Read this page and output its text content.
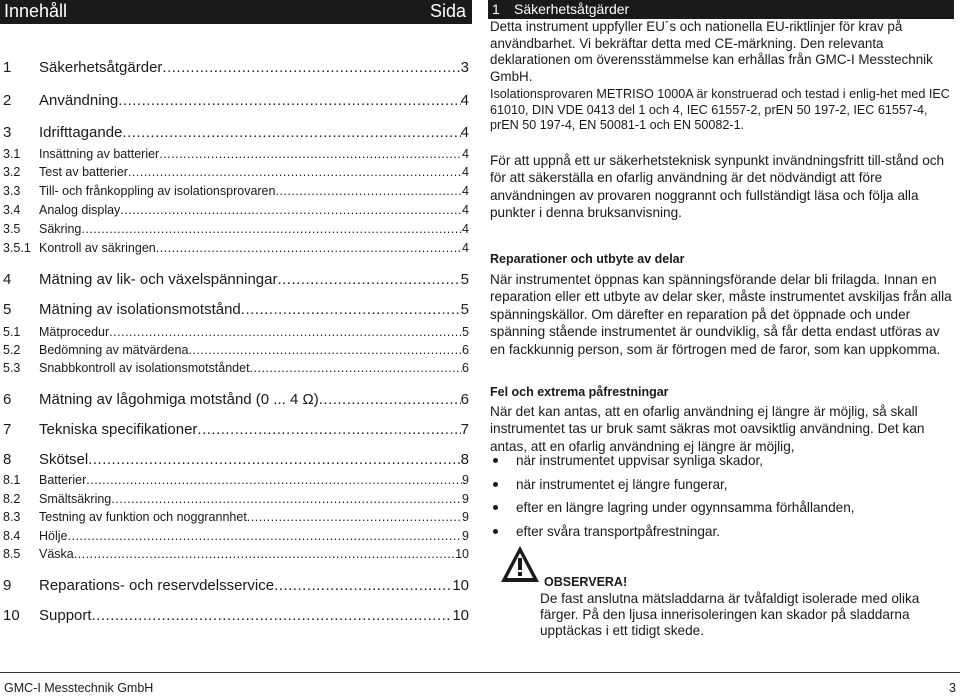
Innehåll	Sida
1 Säkerhetsåtgärder .....	3
2 Användning .....	4
3 Idrifttagande .....	4
3.1 Insättning av batterier .....	4
3.2 Test av batterier .....	4
3.3 Till- och frånkoppling av isolationsprovaren .....	4
3.4 Analog display .....	4
3.5 Säkring .....	4
3.5.1 Kontroll av säkringen .....	4
4 Mätning av lik- och växelspänningar .....	5
5 Mätning av isolationsmotstånd .....	5
5.1 Mätprocedur .....	5
5.2 Bedömning av mätvärdena .....	6
5.3 Snabbkontroll av isolationsmotståndet .....	6
6 Mätning av lågohmiga motstånd (0 ... 4 Ω) .....	6
7 Tekniska specifikationer .....	7
8 Skötsel .....	8
8.1 Batterier .....	9
8.2 Smältsäkring .....	9
8.3 Testning av funktion och noggrannhet .....	9
8.4 Hölje .....	9
8.5 Väska .....	10
9 Reparations- och reservdelsservice .....	10
10 Support .....	10
1 Säkerhetsåtgärder

Detta instrument uppfyller EU´s och nationella EU-riktlinjer för krav på användbarhet. Vi bekräftar detta med CE-märkning. Den relevanta deklarationen om överensstämmelse kan erhållas från GMC-I Messtechnik GmbH.

Isolationsprovaren METRISO 1000A är konstruerad och testad i enlig-het med IEC 61010, DIN VDE 0413 del 1 och 4, IEC 61557-2, prEN 50 197-2, IEC 61557-4, prEN 50 197-4, EN 50081-1 och EN 50082-1.

För att uppnå ett ur säkerhetsteknisk synpunkt invändningsfritt till-stånd och för att säkerställa en ofarlig användning är det nödvändigt att före användningen av provaren noggrannt och fullständigt läsa och följa alla punkter i denna bruksanvisning.

Reparationer och utbyte av delar

När instrumentet öppnas kan spänningsförande delar bli frilagda. Innan en reparation eller ett utbyte av delar sker, måste instrumentet avskiljas från alla spänningskällor. Om därefter en reparation på det öppnade och under spänning stående instrumentet är oundviklig, så får detta endast utföras av en fackkunnig person, som är förtrogen med de faror, som kan uppkomma.

Fel och extrema påfrestningar

När det kan antas, att en ofarlig användning ej längre är möjlig, så skall instrumentet tas ur bruk samt säkras mot oavsiktlig användning. Det kan antas, att en ofarlig användning ej längre är möjlig,

när instrumentet uppvisar synliga skador,
när instrumentet ej längre fungerar,
efter en längre lagring under ogynnsamma förhållanden,
efter svåra transportpåfrestningar.
OBSERVERA!

De fast anslutna mätsladdarna är tvåfaldigt isolerade med olika färger. På den ljusa innerisoleringen kan skador på sladdarna upptäckas i ett tidigt skede.

GMC-I Messtechnik GmbH	3
